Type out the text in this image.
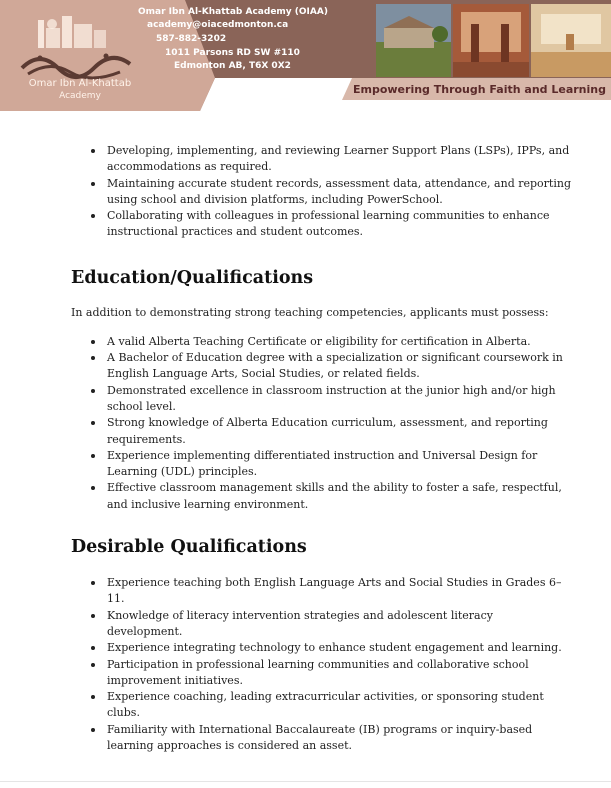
Omar Ibn Al-Khattab
Academy
Omar Ibn Al-Khattab Academy (OIAA)
academy@oiacedmonton.ca
587-882-3202
1011 Parsons RD SW #110
Edmonton AB, T6X 0X2
Empowering Through Faith and Learning
Developing, implementing, and reviewing Learner Support Plans (LSPs), IPPs, and accommodations as required.
Maintaining accurate student records, assessment data, attendance, and reporting using school and division platforms, including PowerSchool.
Collaborating with colleagues in professional learning communities to enhance instructional practices and student outcomes.
Education/Qualifications

In addition to demonstrating strong teaching competencies, applicants must possess:

A valid Alberta Teaching Certificate or eligibility for certification in Alberta.
A Bachelor of Education degree with a specialization or significant coursework in English Language Arts, Social Studies, or related fields.
Demonstrated excellence in classroom instruction at the junior high and/or high school level.
Strong knowledge of Alberta Education curriculum, assessment, and reporting requirements.
Experience implementing differentiated instruction and Universal Design for Learning (UDL) principles.
Effective classroom management skills and the ability to foster a safe, respectful, and inclusive learning environment.
Desirable Qualifications
Experience teaching both English Language Arts and Social Studies in Grades 6–11.
Knowledge of literacy intervention strategies and adolescent literacy development.
Experience integrating technology to enhance student engagement and learning.
Participation in professional learning communities and collaborative school improvement initiatives.
Experience coaching, leading extracurricular activities, or sponsoring student clubs.
Familiarity with International Baccalaureate (IB) programs or inquiry-based learning approaches is considered an asset.
